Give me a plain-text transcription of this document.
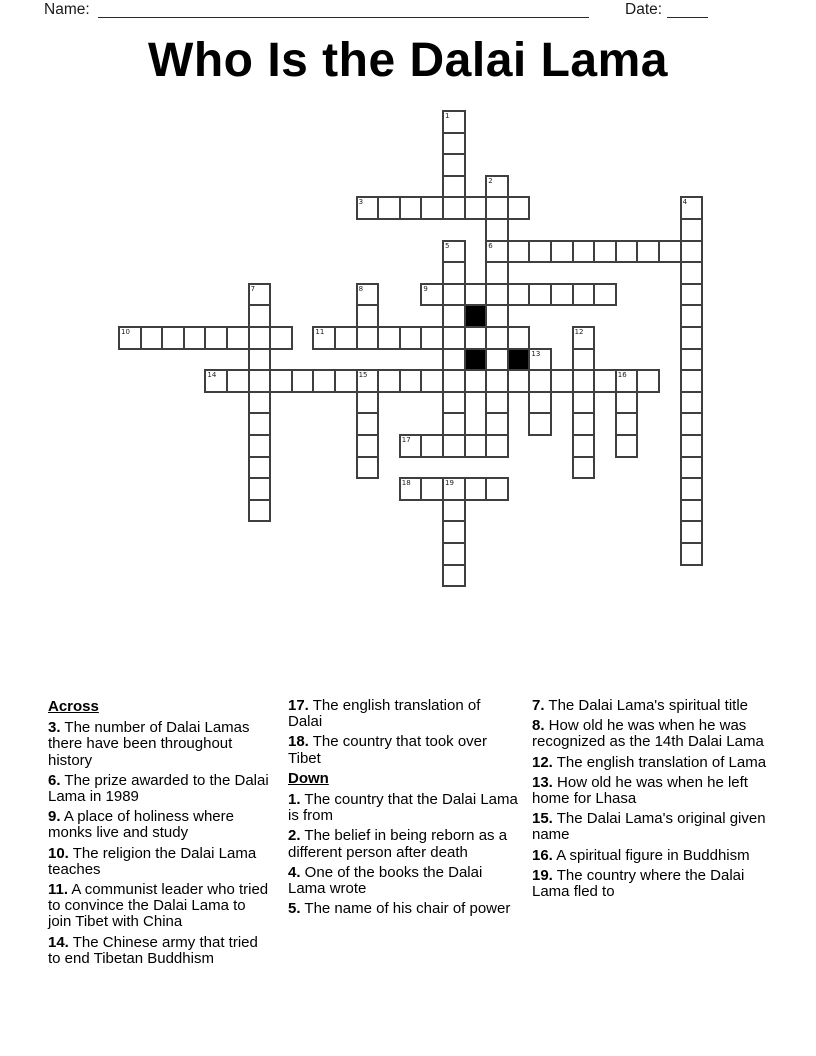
Name:	Date:
Who Is the Dalai Lama
1
2
6
3	4
5
7	8	9
10	11	12
13
14	15	16
17
18	19

Across

3. The number of Dalai Lamas there have been throughout history

6. The prize awarded to the Dalai Lama in 1989

9. A place of holiness where monks live and study

10. The religion the Dalai Lama teaches

11. A communist leader who tried to convince the Dalai Lama to join Tibet with China

14. The Chinese army that tried to end Tibetan Buddhism

17. The english translation of Dalai

18. The country that took over Tibet

Down

1. The country that the Dalai Lama is from

2. The belief in being reborn as a different person after death

4. One of the books the Dalai Lama wrote

5. The name of his chair of power

7. The Dalai Lama's spiritual title

8. How old he was when he was recognized as the 14th Dalai Lama

12. The english translation of Lama

13. How old he was when he left home for Lhasa

15. The Dalai Lama's original given name

16. A spiritual figure in Buddhism

19. The country where the Dalai Lama fled to
